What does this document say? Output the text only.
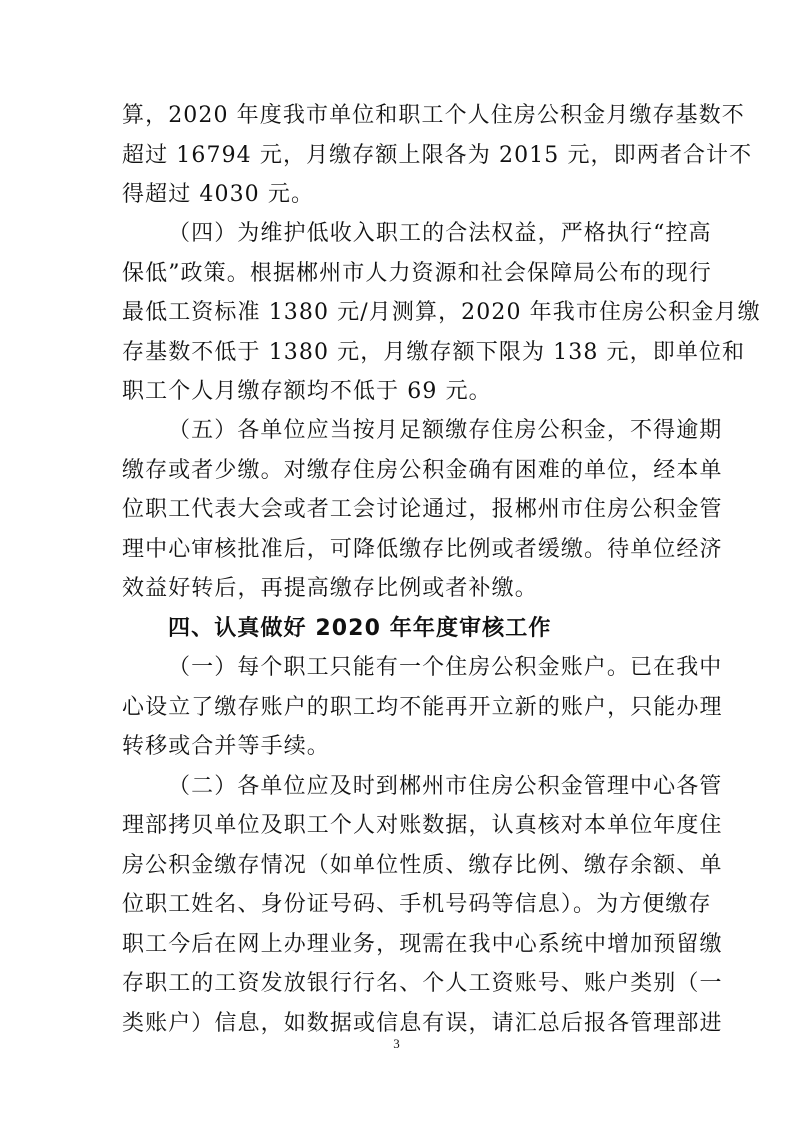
算，2020 年度我市单位和职工个人住房公积金月缴存基数不
超过 16794 元，月缴存额上限各为 2015 元，即两者合计不
得超过 4030 元。
（四）为维护低收入职工的合法权益，严格执行“控高
保低”政策。根据郴州市人力资源和社会保障局公布的现行
最低工资标准 1380 元/月测算，2020 年我市住房公积金月缴
存基数不低于 1380 元，月缴存额下限为 138 元，即单位和
职工个人月缴存额均不低于 69 元。
（五）各单位应当按月足额缴存住房公积金，不得逾期
缴存或者少缴。对缴存住房公积金确有困难的单位，经本单
位职工代表大会或者工会讨论通过，报郴州市住房公积金管
理中心审核批准后，可降低缴存比例或者缓缴。待单位经济
效益好转后，再提高缴存比例或者补缴。
四、认真做好 2020 年年度审核工作
（一）每个职工只能有一个住房公积金账户。已在我中
心设立了缴存账户的职工均不能再开立新的账户，只能办理
转移或合并等手续。
（二）各单位应及时到郴州市住房公积金管理中心各管
理部拷贝单位及职工个人对账数据，认真核对本单位年度住
房公积金缴存情况（如单位性质、缴存比例、缴存余额、单
位职工姓名、身份证号码、手机号码等信息）。为方便缴存
职工今后在网上办理业务，现需在我中心系统中增加预留缴
存职工的工资发放银行行名、个人工资账号、账户类别（一
类账户）信息，如数据或信息有误，请汇总后报各管理部进
3
